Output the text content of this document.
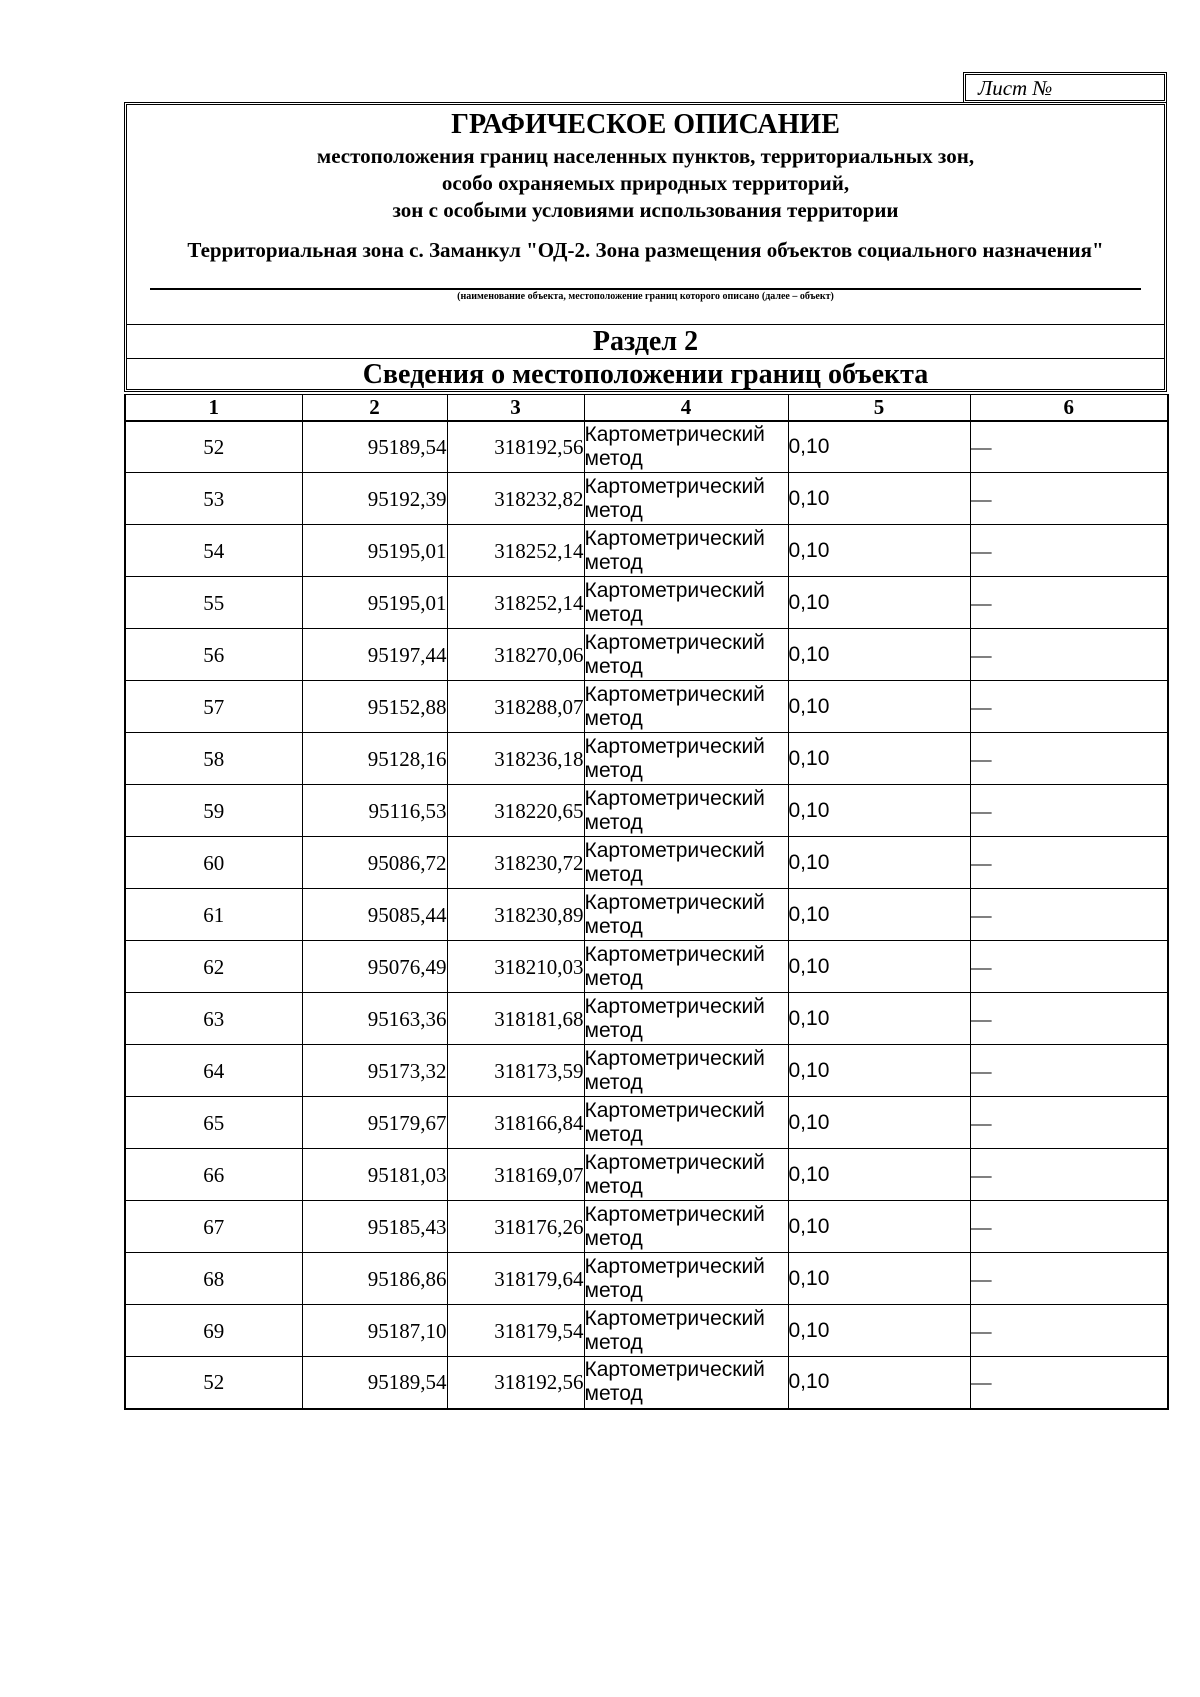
Лист №
ГРАФИЧЕСКОЕ ОПИСАНИЕ
местоположения границ населенных пунктов, территориальных зон,
особо охраняемых природных территорий,
зон с особыми условиями использования территории
Территориальная зона с. Заманкул "ОД-2. Зона размещения объектов социального назначения"
(наименование объекта, местоположение границ которого описано (далее – объект)
Раздел 2
Сведения о местоположении границ объекта
1	2	3	4	5	6
52	95189,54	318192,56	Картометрический метод	0,10	—
53	95192,39	318232,82	Картометрический метод	0,10	—
54	95195,01	318252,14	Картометрический метод	0,10	—
55	95195,01	318252,14	Картометрический метод	0,10	—
56	95197,44	318270,06	Картометрический метод	0,10	—
57	95152,88	318288,07	Картометрический метод	0,10	—
58	95128,16	318236,18	Картометрический метод	0,10	—
59	95116,53	318220,65	Картометрический метод	0,10	—
60	95086,72	318230,72	Картометрический метод	0,10	—
61	95085,44	318230,89	Картометрический метод	0,10	—
62	95076,49	318210,03	Картометрический метод	0,10	—
63	95163,36	318181,68	Картометрический метод	0,10	—
64	95173,32	318173,59	Картометрический метод	0,10	—
65	95179,67	318166,84	Картометрический метод	0,10	—
66	95181,03	318169,07	Картометрический метод	0,10	—
67	95185,43	318176,26	Картометрический метод	0,10	—
68	95186,86	318179,64	Картометрический метод	0,10	—
69	95187,10	318179,54	Картометрический метод	0,10	—
52	95189,54	318192,56	Картометрический метод	0,10	—
